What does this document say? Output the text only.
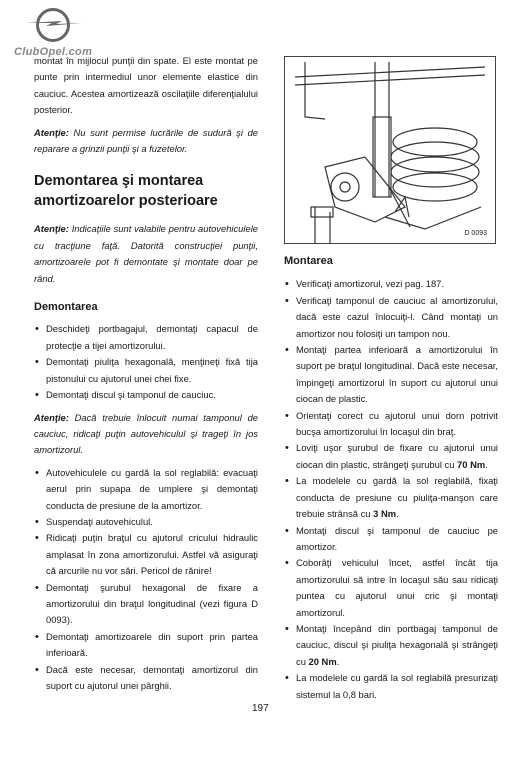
ClubOpel.com

montat în mijlocul punţii din spate. El este montat pe punte prin intermediul unor elemente elastice din cauciuc. Acestea amortizează oscilaţiile diferenţialului posterior.

Atenţie: Nu sunt permise lucrările de sudură şi de reparare a grinzii punţii şi a fuzetelor.

Demontarea şi montarea amortizoarelor posterioare

Atenţie: Indicaţiile sunt valabile pentru autovehiculele cu tracţiune faţă. Datorită construcţiei punţii, amortizoarele pot fi demontate şi montate doar pe rând.

Demontarea
• Deschideţi portbagajul, demontaţi capacul de protecţie a tijei amortizorului.
• Demontaţi piuliţa hexagonală, menţineţi fixă tija pistonului cu ajutorul unei chei fixe.
• Demontaţi discul şi tamponul de cauciuc.

Atenţie: Dacă trebuie înlocuit numai tamponul de cauciuc, ridicaţi puţin autovehiculul şi trageţi în jos amortizorul.

• Autovehiculele cu gardă la sol reglabilă: evacuaţi aerul prin supapa de umplere şi demontaţi conducta de presiune de la amortizor.
• Suspendaţi autovehiculul.
• Ridicaţi puţin braţul cu ajutorul cricului hidraulic amplasat în zona amortizorului. Astfel vă asiguraţi că arcurile nu vor sări. Pericol de rănire!
• Demontaţi şurubul hexagonal de fixare a amortizorului din braţul longitudinal (vezi figura D 0093).
• Demontaţi amortizoarele din suport prin partea inferioară.
• Dacă este necesar, demontaţi amortizorul din suport cu ajutorul unei pârghii.
D 0093
Montarea
• Verificaţi amortizorul, vezi pag. 187.
• Verificaţi tamponul de cauciuc al amortizorului, dacă este cazul înlocuiţi-l. Când montaţi un amortizor nou folosiţi un tampon nou.
• Montaţi partea inferioară a amortizorului în suport pe braţul longitudinal. Dacă este necesar, împingeţi amortizorul în suport cu ajutorul unui ciocan de plastic.
• Orientaţi corect cu ajutorul unui dorn potrivit bucşa amortizorului în locaşul din braţ.
• Loviţi uşor şurubul de fixare cu ajutorul unui ciocan din plastic, strângeţi şurubul cu 70 Nm.
• La modelele cu gardă la sol reglabilă, fixaţi conducta de presiune cu piuliţa-manşon care trebuie strânsă cu 3 Nm.
• Montaţi discul şi tamponul de cauciuc pe amortizor.
• Coborâţi vehiculul încet, astfel încât tija amortizorului să intre în locaşul său sau ridicaţi puntea cu ajutorul unui cric şi montaţi amortizorul.
• Montaţi începând din portbagaj tamponul de cauciuc, discul şi piuliţa hexagonală şi strângeţi cu 20 Nm.
• La modelele cu gardă la sol reglabilă presurizaţi sistemul la 0,8 bari.
197
